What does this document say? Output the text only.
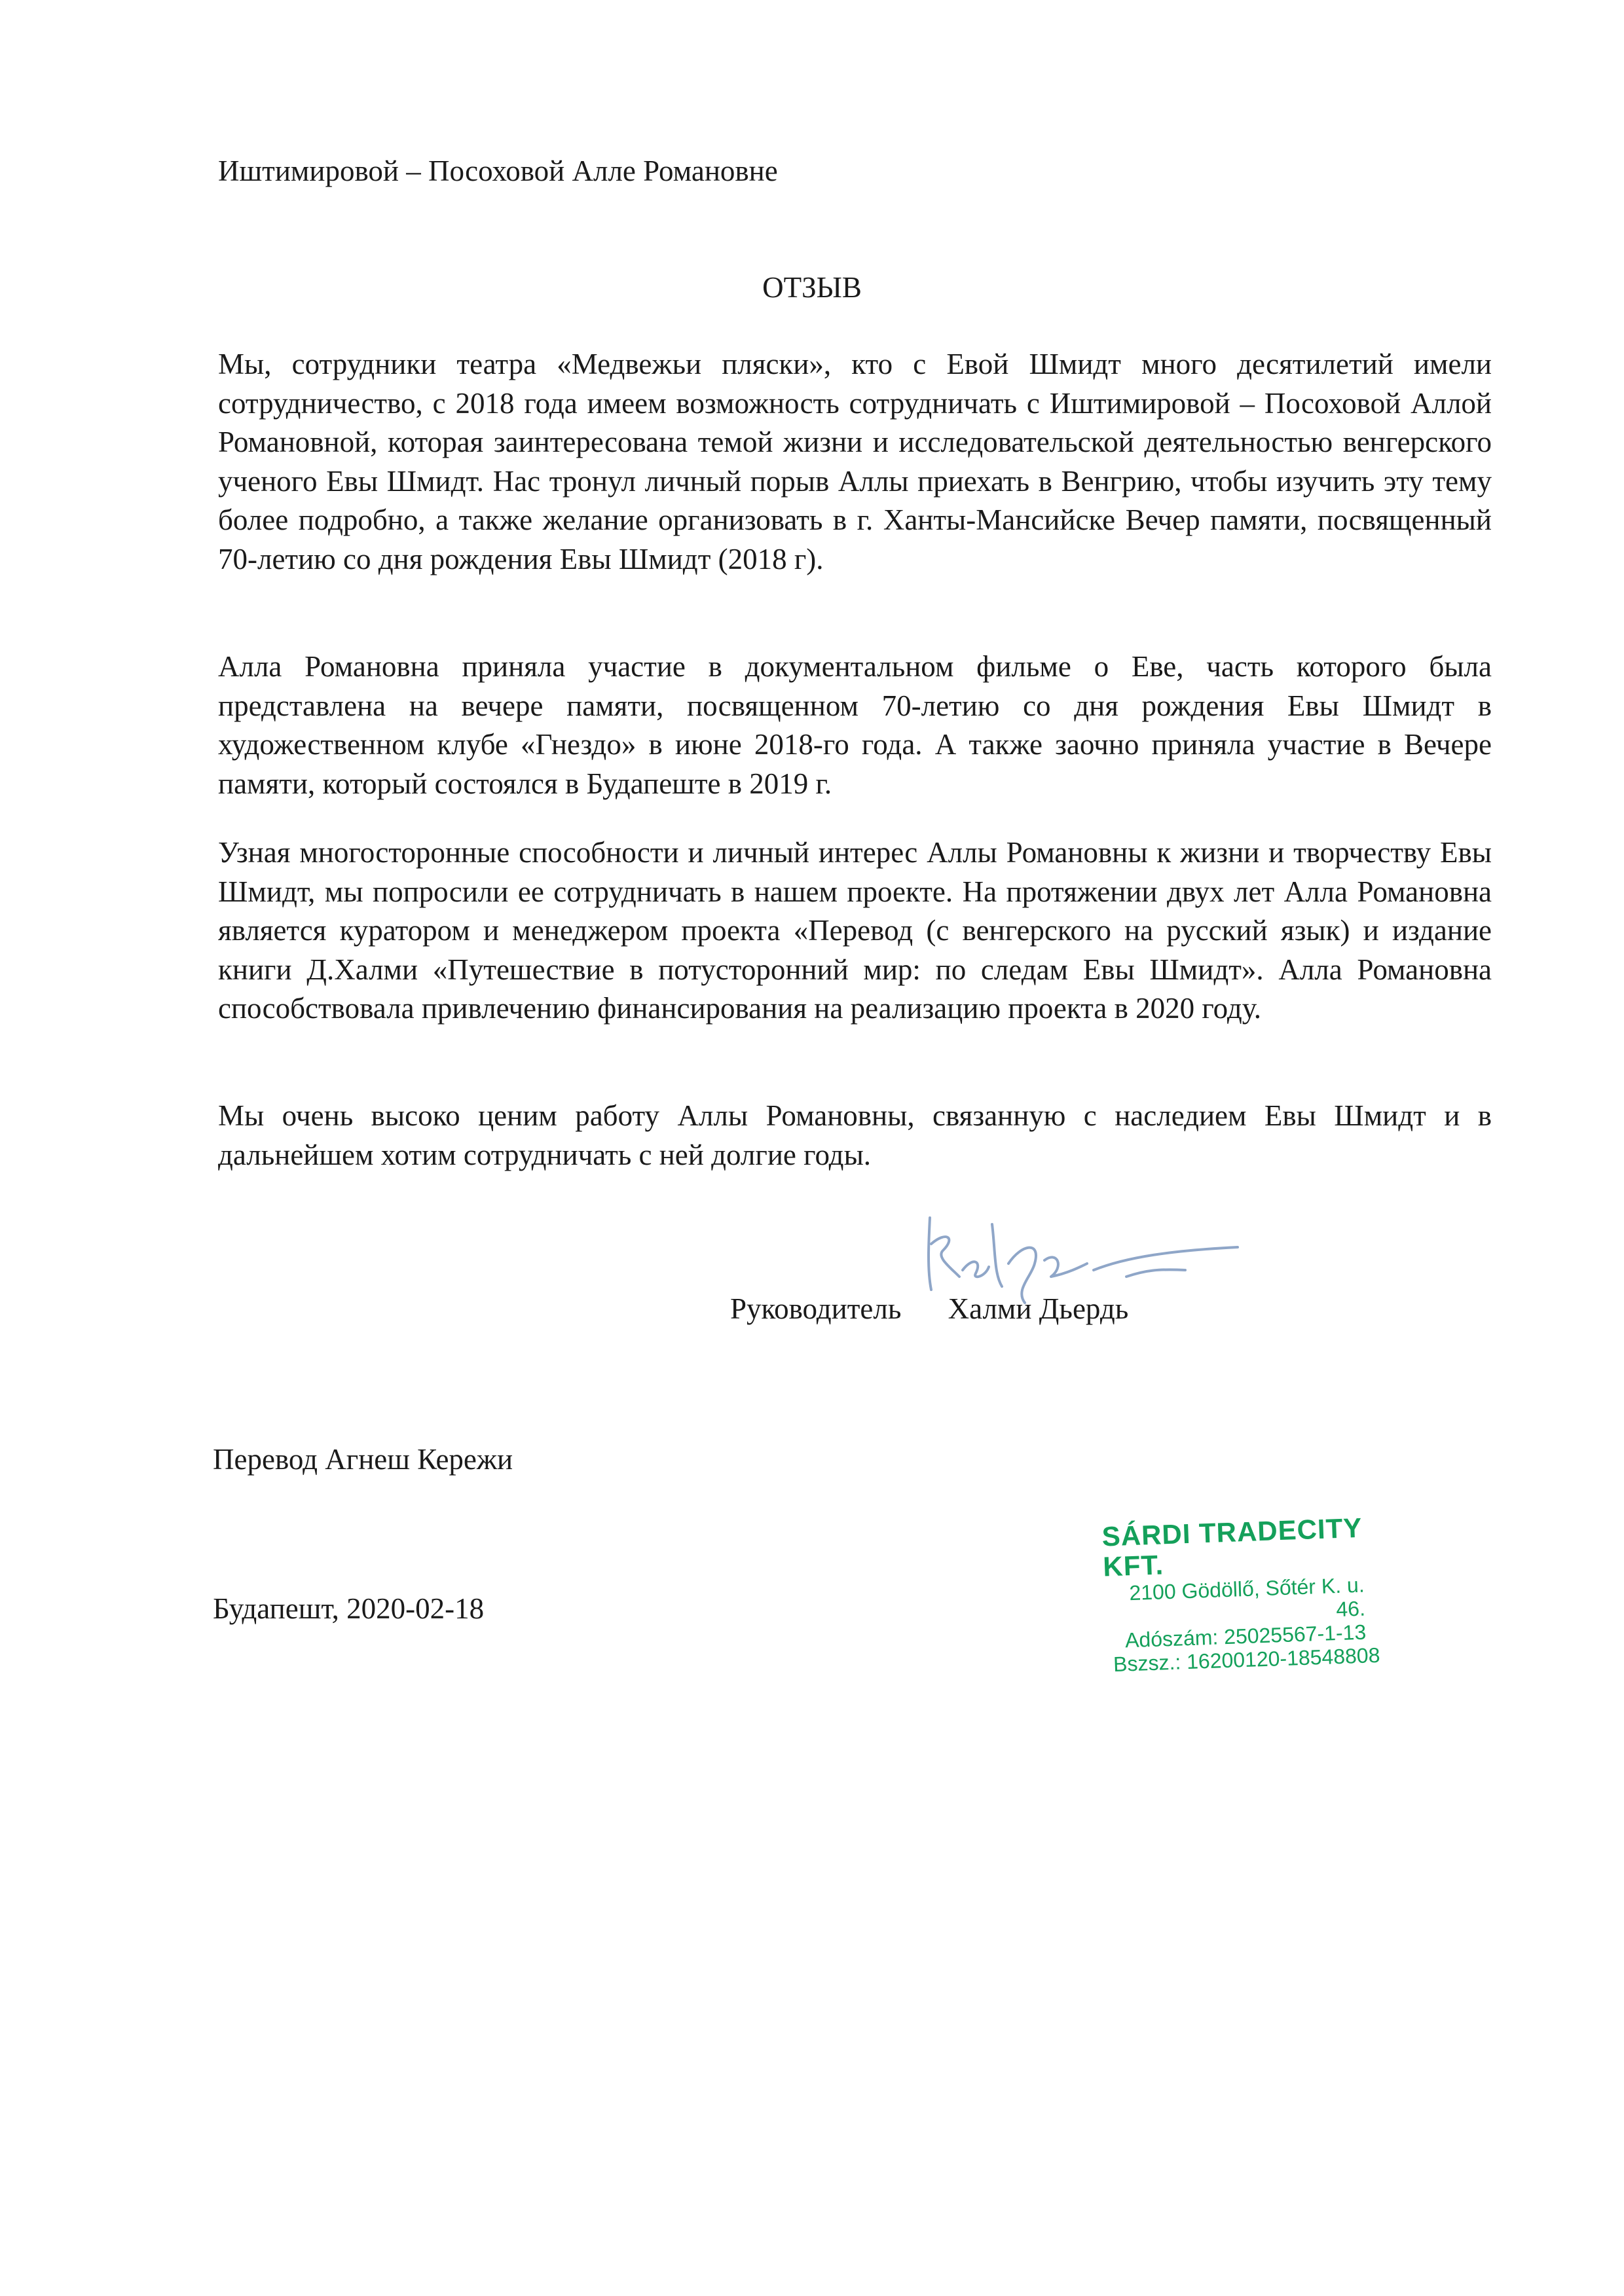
Иштимировой – Посоховой Алле Романовне
ОТЗЫВ

Мы, сотрудники театра «Медвежьи пляски», кто с Евой Шмидт много десятилетий имели сотрудничество, с 2018 года имеем возможность сотрудничать с Иштимировой – Посоховой Аллой Романовной, которая заинтересована темой жизни и исследовательской деятельностью венгерского ученого Евы Шмидт. Нас тронул личный порыв Аллы приехать в Венгрию, чтобы изучить эту тему более подробно, а также желание организовать в г. Ханты-Мансийске Вечер памяти, посвященный 70-летию со дня рождения Евы Шмидт (2018 г).

Алла Романовна приняла участие в документальном фильме о Еве, часть которого была представлена на вечере памяти, посвященном 70-летию со дня рождения Евы Шмидт в художественном клубе «Гнездо» в июне 2018-го года. А также заочно приняла участие в Вечере памяти, который состоялся в Будапеште в 2019 г.

Узная многосторонные способности и личный интерес Аллы Романовны к жизни и творчеству Евы Шмидт, мы попросили ее сотрудничать в нашем проекте. На протяжении двух лет Алла Романовна является куратором и менеджером проекта «Перевод (с венгерского на русский язык) и издание книги Д.Халми «Путешествие в потусторонний мир: по следам Евы Шмидт». Алла Романовна способствовала привлечению финансирования на реализацию проекта в 2020 году.

Мы очень высоко ценим работу Аллы Романовны, связанную с наследием Евы Шмидт и в дальнейшем хотим сотрудничать с ней долгие годы.

Руководитель Халми Дьердь
Перевод Агнеш Кережи
SÁRDI TRADECITY KFT.
2100 Gödöllő, Sőtér K. u. 46.
Adószám: 25025567-1-13
Bszsz.: 16200120-18548808
Будапешт, 2020-02-18
